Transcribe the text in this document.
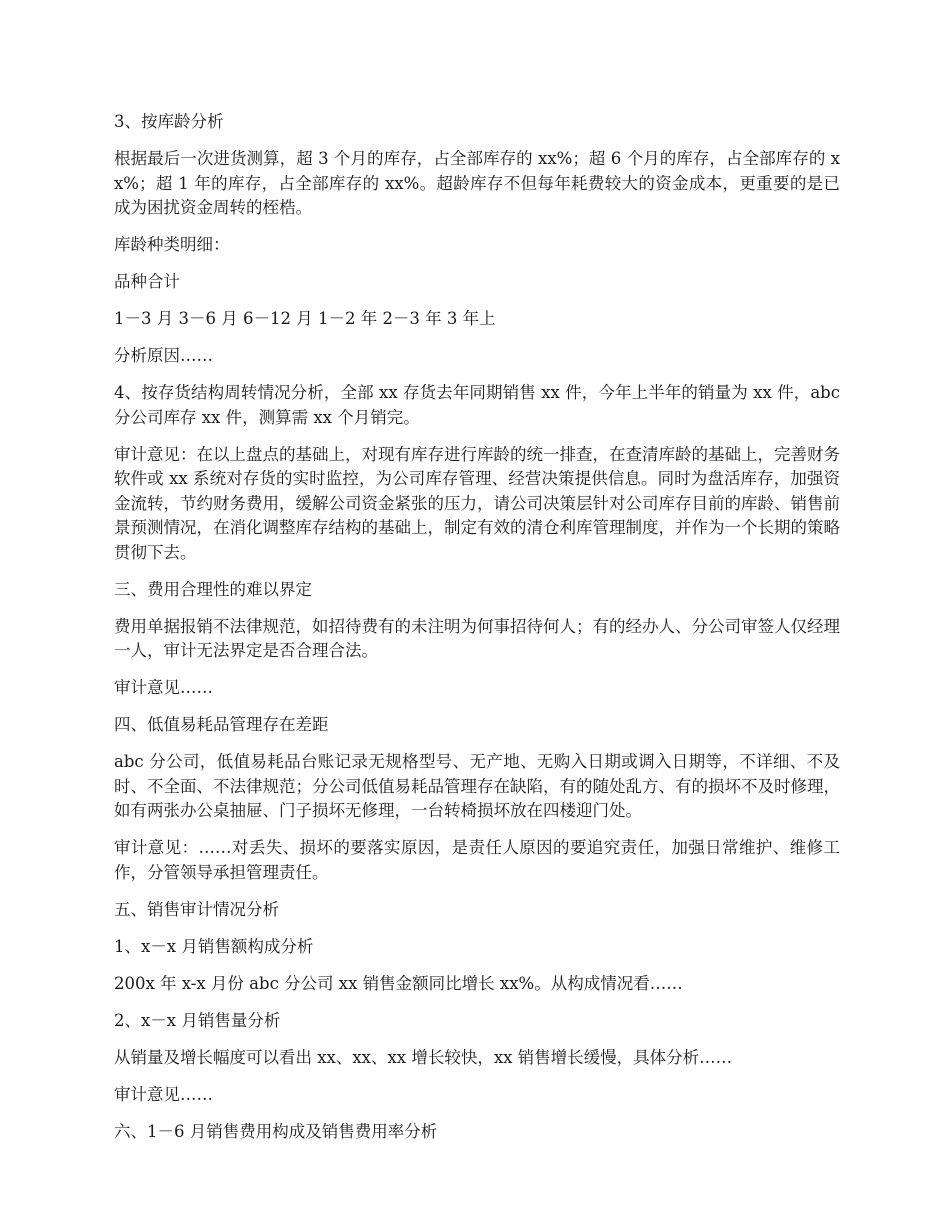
3、按库龄分析

根据最后一次进货测算，超 3 个月的库存，占全部库存的 xx%；超 6 个月的库存，占全部库存的 xx%；超 1 年的库存，占全部库存的 xx%。超龄库存不但每年耗费较大的资金成本，更重要的是已成为困扰资金周转的桎梏。

库龄种类明细：

品种合计

1－3 月 3－6 月 6－12 月 1－2 年 2－3 年 3 年上

分析原因……

4、按存货结构周转情况分析，全部 xx 存货去年同期销售 xx 件，今年上半年的销量为 xx 件，abc 分公司库存 xx 件，测算需 xx 个月销完。

审计意见：在以上盘点的基础上，对现有库存进行库龄的统一排查，在查清库龄的基础上，完善财务软件或 xx 系统对存货的实时监控，为公司库存管理、经营决策提供信息。同时为盘活库存，加强资金流转，节约财务费用，缓解公司资金紧张的压力，请公司决策层针对公司库存目前的库龄、销售前景预测情况，在消化调整库存结构的基础上，制定有效的清仓利库管理制度，并作为一个长期的策略贯彻下去。

三、费用合理性的难以界定

费用单据报销不法律规范，如招待费有的未注明为何事招待何人；有的经办人、分公司审签人仅经理一人，审计无法界定是否合理合法。

审计意见……

四、低值易耗品管理存在差距

abc 分公司，低值易耗品台账记录无规格型号、无产地、无购入日期或调入日期等，不详细、不及时、不全面、不法律规范；分公司低值易耗品管理存在缺陷，有的随处乱方、有的损坏不及时修理，如有两张办公桌抽屉、门子损坏无修理，一台转椅损坏放在四楼迎门处。

审计意见：……对丢失、损坏的要落实原因，是责任人原因的要追究责任，加强日常维护、维修工作，分管领导承担管理责任。

五、销售审计情况分析

1、x－x 月销售额构成分析

200x 年 x-x 月份 abc 分公司 xx 销售金额同比增长 xx%。从构成情况看……

2、x－x 月销售量分析

从销量及增长幅度可以看出 xx、xx、xx 增长较快，xx 销售增长缓慢，具体分析……

审计意见……

六、1－6 月销售费用构成及销售费用率分析
